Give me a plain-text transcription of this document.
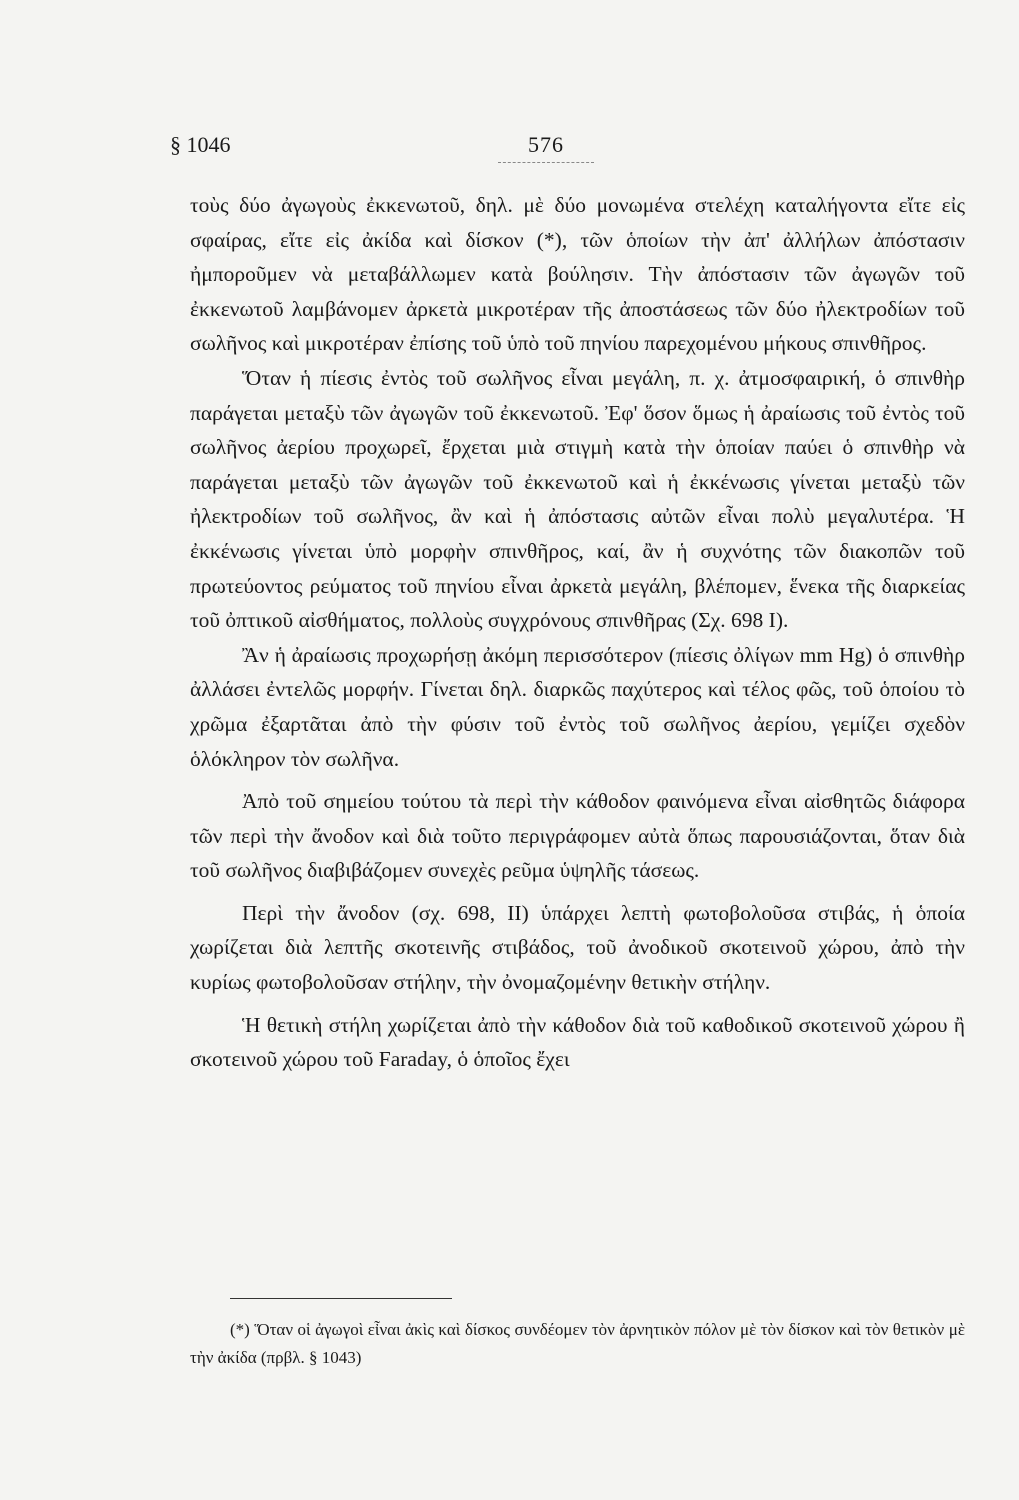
§ 1046	576

τοὺς δύο ἀγωγοὺς ἐκκενωτοῦ, δηλ. μὲ δύο μονωμένα στελέχη καταλήγοντα εἴτε εἰς σφαίρας, εἴτε εἰς ἀκίδα καὶ δίσκον (*), τῶν ὁποίων τὴν ἀπ' ἀλλήλων ἀπόστασιν ἠμποροῦμεν νὰ μεταβάλλωμεν κατὰ βούλησιν. Τὴν ἀπόστασιν τῶν ἀγωγῶν τοῦ ἐκκενωτοῦ λαμβάνομεν ἀρκετὰ μικροτέραν τῆς ἀποστάσεως τῶν δύο ἠλεκτροδίων τοῦ σωλῆνος καὶ μικροτέραν ἐπίσης τοῦ ὑπὸ τοῦ πηνίου παρεχομένου μήκους σπινθῆρος.

Ὅταν ἡ πίεσις ἐντὸς τοῦ σωλῆνος εἶναι μεγάλη, π. χ. ἀτμοσφαιρική, ὁ σπινθὴρ παράγεται μεταξὺ τῶν ἀγωγῶν τοῦ ἐκκενωτοῦ. Ἐφ' ὅσον ὅμως ἡ ἀραίωσις τοῦ ἐντὸς τοῦ σωλῆνος ἀερίου προχωρεῖ, ἔρχεται μιὰ στιγμὴ κατὰ τὴν ὁποίαν παύει ὁ σπινθὴρ νὰ παράγεται μεταξὺ τῶν ἀγωγῶν τοῦ ἐκκενωτοῦ καὶ ἡ ἐκκένωσις γίνεται μεταξὺ τῶν ἠλεκτροδίων τοῦ σωλῆνος, ἂν καὶ ἡ ἀπόστασις αὐτῶν εἶναι πολὺ μεγαλυτέρα. Ἡ ἐκκένωσις γίνεται ὑπὸ μορφὴν σπινθῆρος, καί, ἂν ἡ συχνότης τῶν διακοπῶν τοῦ πρωτεύοντος ρεύματος τοῦ πηνίου εἶναι ἀρκετὰ μεγάλη, βλέπομεν, ἕνεκα τῆς διαρκείας τοῦ ὀπτικοῦ αἰσθήματος, πολλοὺς συγχρόνους σπινθῆρας (Σχ. 698 I).

Ἂν ἡ ἀραίωσις προχωρήσῃ ἀκόμη περισσότερον (πίεσις ὀλίγων mm Hg) ὁ σπινθὴρ ἀλλάσει ἐντελῶς μορφήν. Γίνεται δηλ. διαρκῶς παχύτερος καὶ τέλος φῶς, τοῦ ὁποίου τὸ χρῶμα ἐξαρτᾶται ἀπὸ τὴν φύσιν τοῦ ἐντὸς τοῦ σωλῆνος ἀερίου, γεμίζει σχεδὸν ὁλόκληρον τὸν σωλῆνα.

Ἀπὸ τοῦ σημείου τούτου τὰ περὶ τὴν κάθοδον φαινόμενα εἶναι αἰσθητῶς διάφορα τῶν περὶ τὴν ἄνοδον καὶ διὰ τοῦτο περιγράφομεν αὐτὰ ὅπως παρουσιάζονται, ὅταν διὰ τοῦ σωλῆνος διαβιβάζομεν συνεχὲς ρεῦμα ὑψηλῆς τάσεως.

Περὶ τὴν ἄνοδον (σχ. 698, II) ὑπάρχει λεπτὴ φωτοβολοῦσα στιβάς, ἡ ὁποία χωρίζεται διὰ λεπτῆς σκοτεινῆς στιβάδος, τοῦ ἀνοδικοῦ σκοτεινοῦ χώρου, ἀπὸ τὴν κυρίως φωτοβολοῦσαν στήλην, τὴν ὀνομαζομένην θετικὴν στήλην.

Ἡ θετικὴ στήλη χωρίζεται ἀπὸ τὴν κάθοδον διὰ τοῦ καθοδικοῦ σκοτεινοῦ χώρου ἢ σκοτεινοῦ χώρου τοῦ Faraday, ὁ ὁποῖος ἔχει

(*) Ὅταν οἱ ἀγωγοὶ εἶναι ἀκὶς καὶ δίσκος συνδέομεν τὸν ἀρνητικὸν πόλον μὲ τὸν δίσκον καὶ τὸν θετικὸν μὲ τὴν ἀκίδα (πρβλ. § 1043)
